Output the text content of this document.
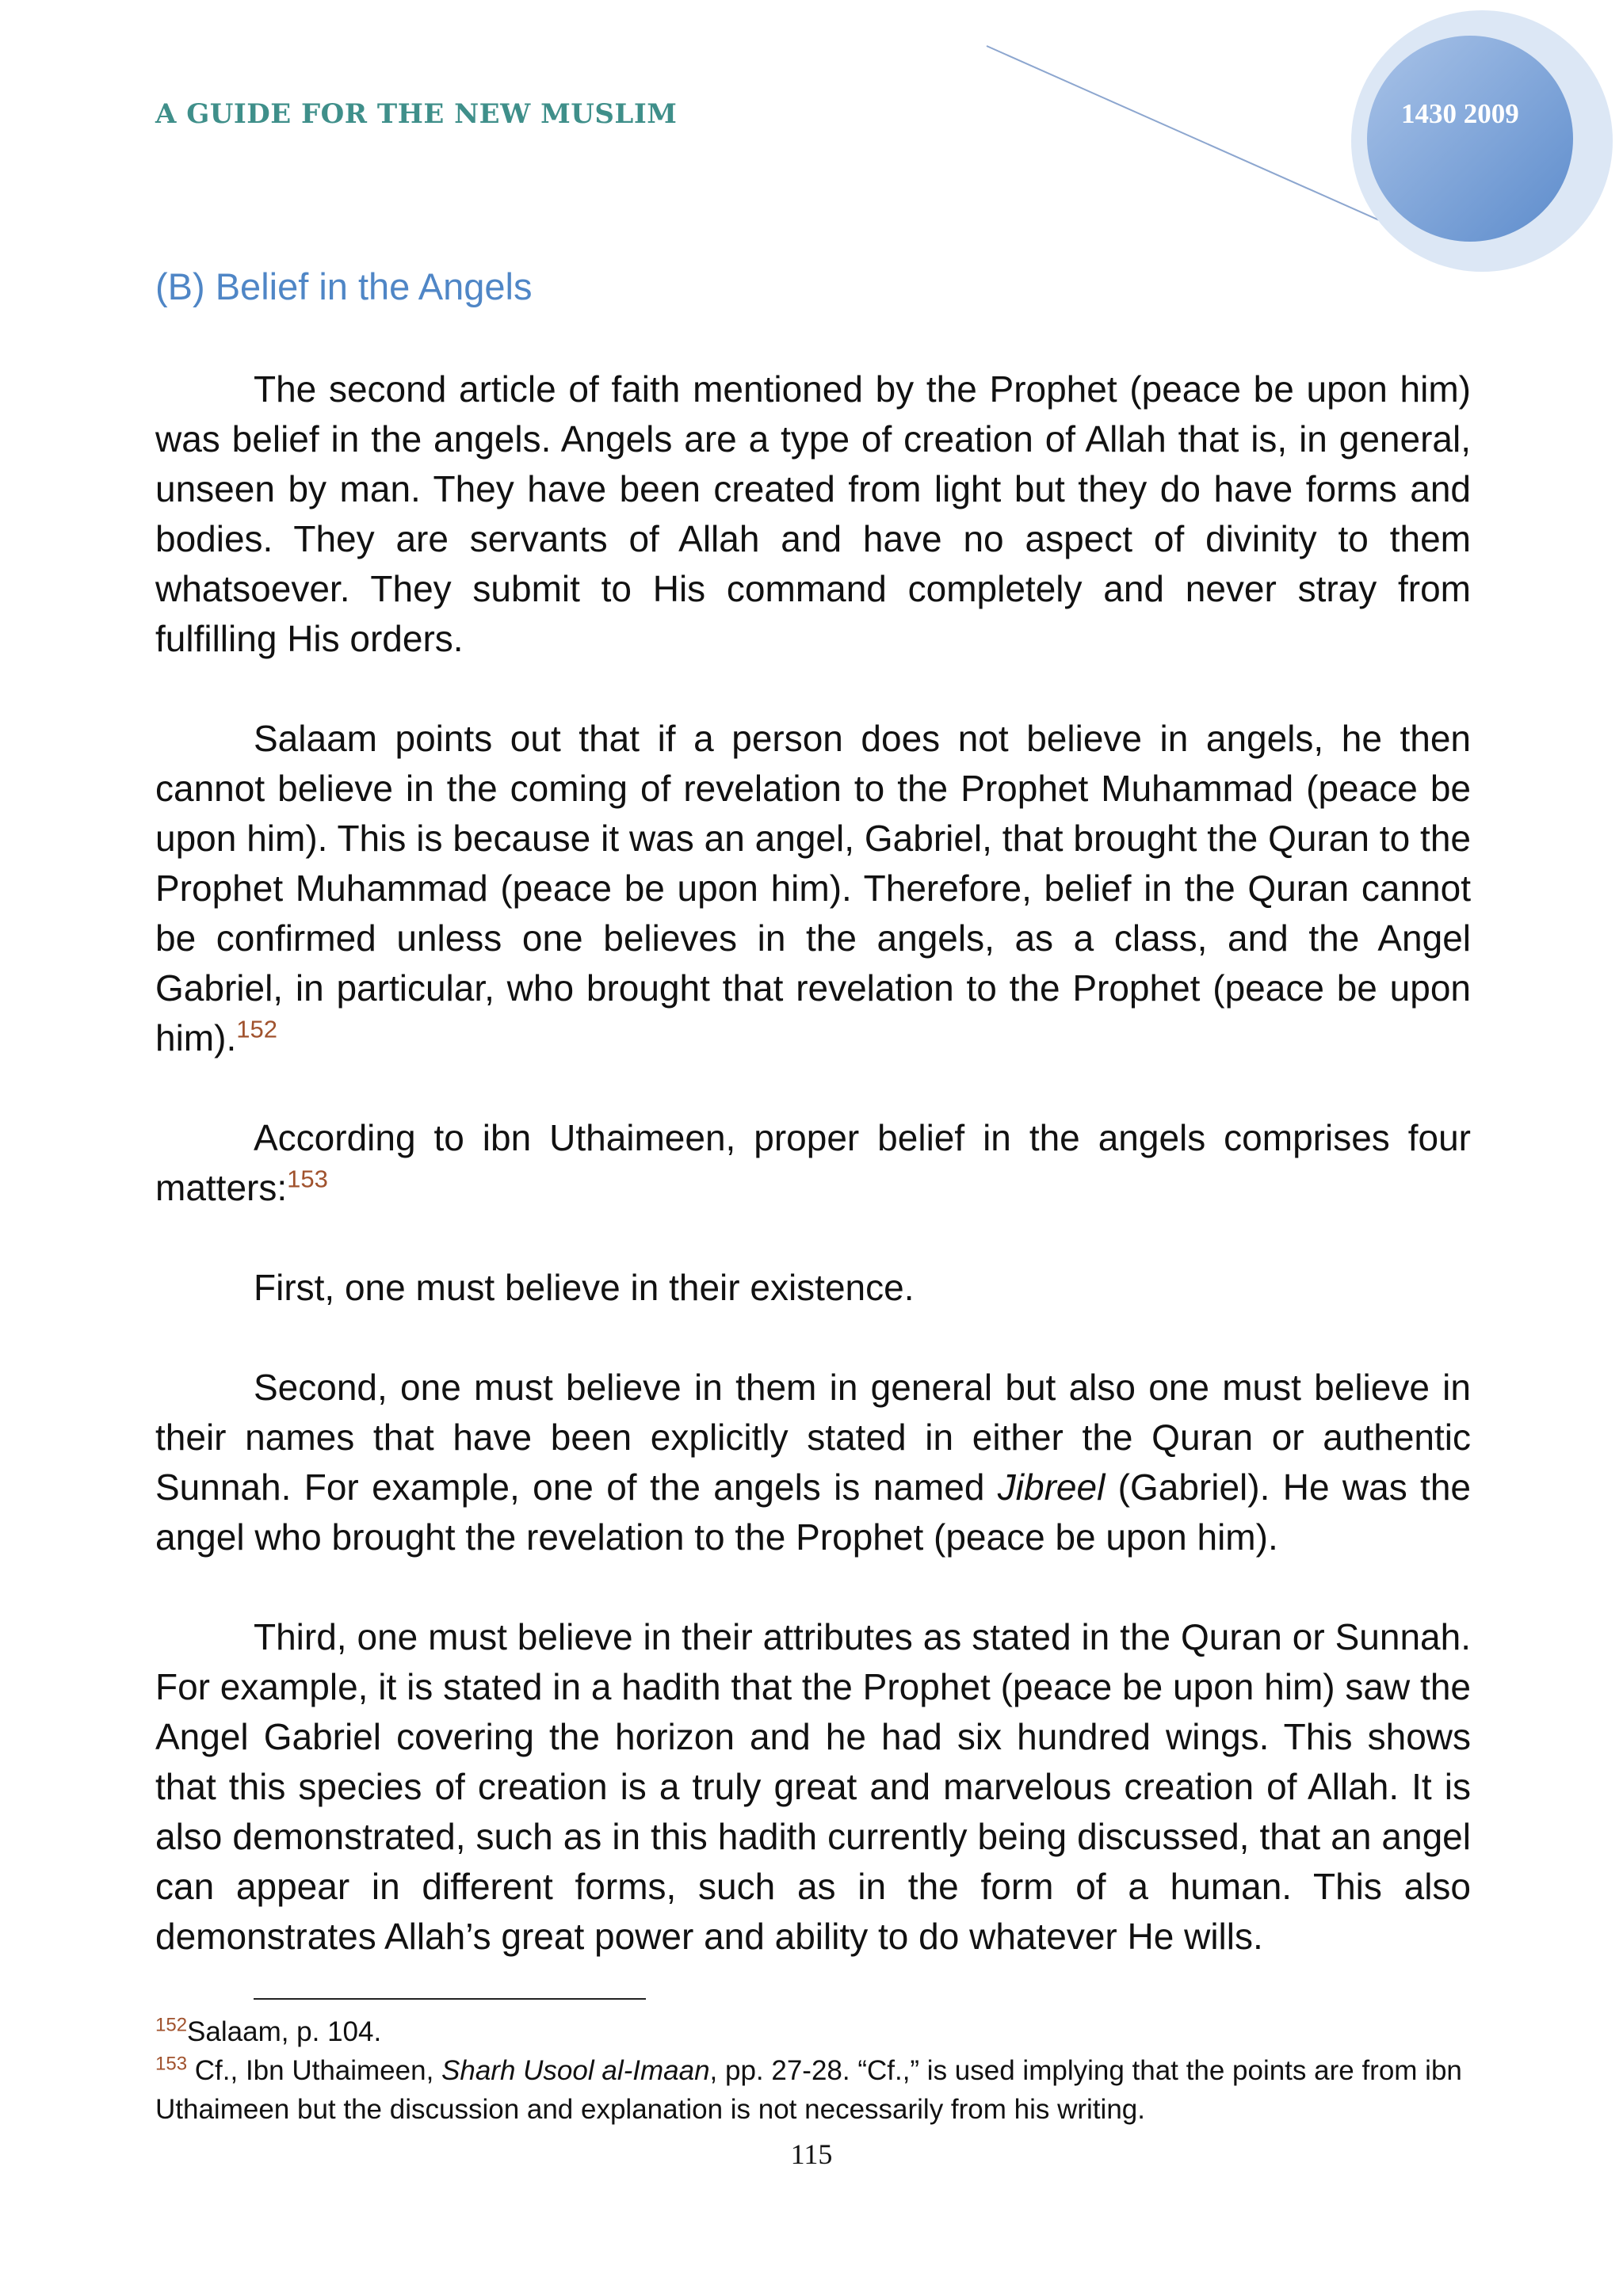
A GUIDE FOR THE NEW MUSLIM	1430 2009
(B) Belief in the Angels

The second article of faith mentioned by the Prophet (peace be upon him) was belief in the angels. Angels are a type of creation of Allah that is, in general, unseen by man. They have been created from light but they do have forms and bodies. They are servants of Allah and have no aspect of divinity to them whatsoever. They submit to His command completely and never stray from fulfilling His orders.

Salaam points out that if a person does not believe in angels, he then cannot believe in the coming of revelation to the Prophet Muhammad (peace be upon him). This is because it was an angel, Gabriel, that brought the Quran to the Prophet Muhammad (peace be upon him). Therefore, belief in the Quran cannot be confirmed unless one believes in the angels, as a class, and the Angel Gabriel, in particular, who brought that revelation to the Prophet (peace be upon him).$^{152}$

According to ibn Uthaimeen, proper belief in the angels comprises four matters:$^{153}$

First, one must believe in their existence.

Second, one must believe in them in general but also one must believe in their names that have been explicitly stated in either the Quran or authentic Sunnah. For example, one of the angels is named Jibreel (Gabriel). He was the angel who brought the revelation to the Prophet (peace be upon him).

Third, one must believe in their attributes as stated in the Quran or Sunnah. For example, it is stated in a hadith that the Prophet (peace be upon him) saw the Angel Gabriel covering the horizon and he had six hundred wings. This shows that this species of creation is a truly great and marvelous creation of Allah. It is also demonstrated, such as in this hadith currently being discussed, that an angel can appear in different forms, such as in the form of a human. This also demonstrates Allah’s great power and ability to do whatever He wills.

$^{152}$Salaam, p. 104.

$^{153}$ Cf., Ibn Uthaimeen, Sharh Usool al-Imaan, pp. 27-28. “Cf.,” is used implying that the points are from ibn Uthaimeen but the discussion and explanation is not necessarily from his writing.

115
